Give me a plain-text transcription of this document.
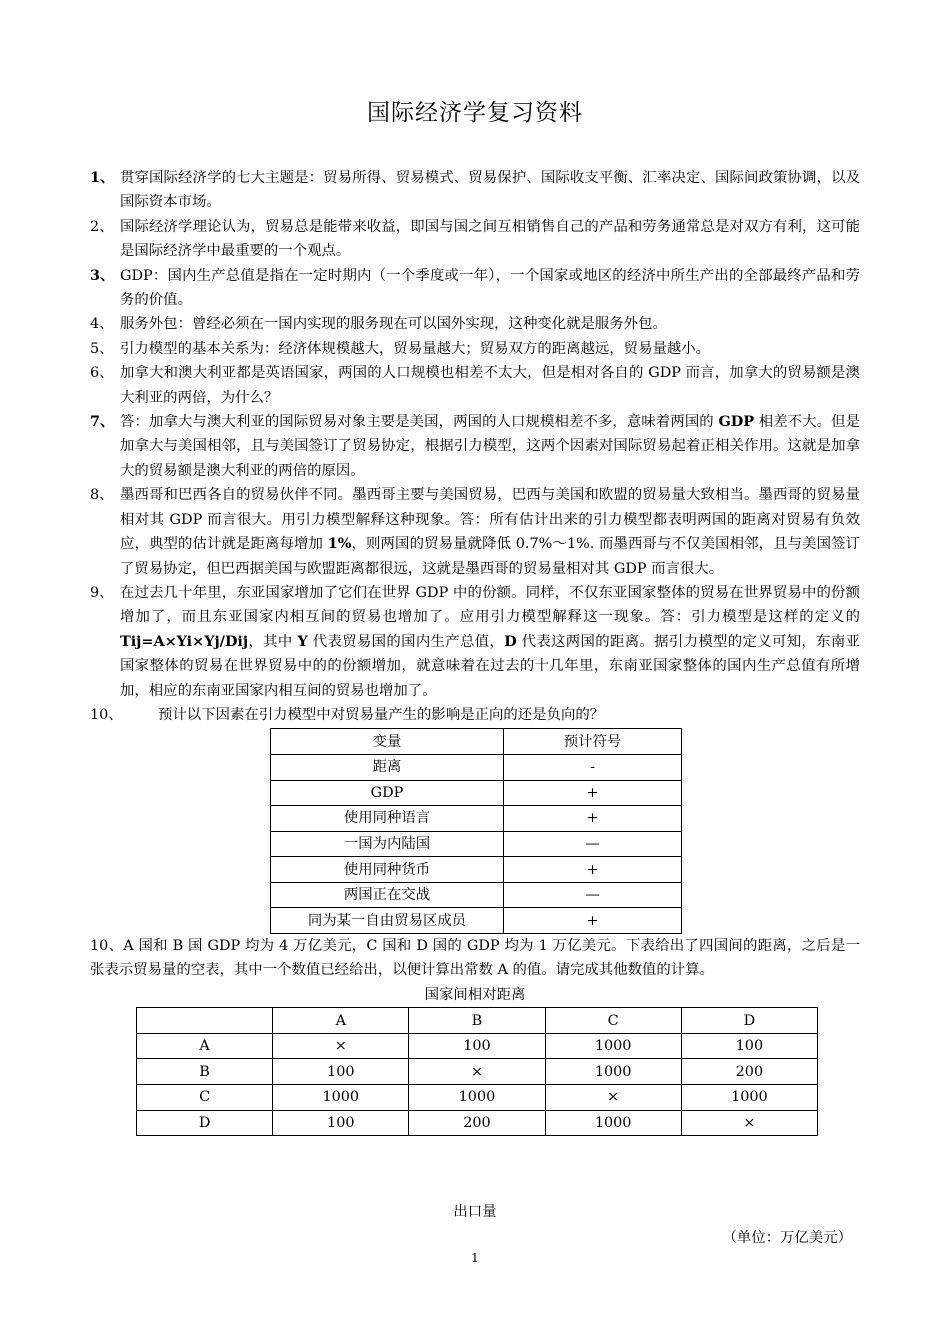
国际经济学复习资料
1、 贯穿国际经济学的七大主题是：贸易所得、贸易模式、贸易保护、国际收支平衡、汇率决定、国际间政策协调，以及国际资本市场。
2、 国际经济学理论认为，贸易总是能带来收益，即国与国之间互相销售自己的产品和劳务通常总是对双方有利，这可能是国际经济学中最重要的一个观点。
3、 GDP：国内生产总值是指在一定时期内（一个季度或一年），一个国家或地区的经济中所生产出的全部最终产品和劳务的价值。
4、 服务外包：曾经必须在一国内实现的服务现在可以国外实现，这种变化就是服务外包。
5、 引力模型的基本关系为：经济体规模越大，贸易量越大；贸易双方的距离越远，贸易量越小。
6、 加拿大和澳大利亚都是英语国家，两国的人口规模也相差不太大，但是相对各自的 GDP 而言，加拿大的贸易额是澳大利亚的两倍，为什么？
7、 答：加拿大与澳大利亚的国际贸易对象主要是美国，两国的人口规模相差不多，意味着两国的 GDP 相差不大。但是加拿大与美国相邻，且与美国签订了贸易协定，根据引力模型，这两个因素对国际贸易起着正相关作用。这就是加拿大的贸易额是澳大利亚的两倍的原因。
8、 墨西哥和巴西各自的贸易伙伴不同。墨西哥主要与美国贸易，巴西与美国和欧盟的贸易量大致相当。墨西哥的贸易量相对其 GDP 而言很大。用引力模型解释这种现象。答：所有估计出来的引力模型都表明两国的距离对贸易有负效应，典型的估计就是距离每增加 1%，则两国的贸易量就降低 0.7%～1%. 而墨西哥与不仅美国相邻，且与美国签订了贸易协定，但巴西据美国与欧盟距离都很远，这就是墨西哥的贸易量相对其 GDP 而言很大。
9、 在过去几十年里，东亚国家增加了它们在世界 GDP 中的份额。同样，不仅东亚国家整体的贸易在世界贸易中的份额增加了，而且东亚国家内相互间的贸易也增加了。应用引力模型解释这一现象。答：引力模型是这样的定义的 Tij=A×Yi×Yj/Dij，其中 Y 代表贸易国的国内生产总值，D 代表这两国的距离。据引力模型的定义可知，东南亚国家整体的贸易在世界贸易中的的份额增加，就意味着在过去的十几年里，东南亚国家整体的国内生产总值有所增加，相应的东南亚国家内相互间的贸易也增加了。
10、 预计以下因素在引力模型中对贸易量产生的影响是正向的还是负向的？
变量	预计符号
距离	-
GDP	+
使用同种语言	+
一国为内陆国	—
使用同种货币	+
两国正在交战	—
同为某一自由贸易区成员	+
10、A 国和 B 国 GDP 均为 4 万亿美元，C 国和 D 国的 GDP 均为 1 万亿美元。下表给出了四国间的距离，之后是一张表示贸易量的空表，其中一个数值已经给出，以便计算出常数 A 的值。请完成其他数值的计算。
国家间相对距离
	A	B	C	D
A	×	100	1000	100
B	100	×	1000	200
C	1000	1000	×	1000
D	100	200	1000	×
出口量
（单位：万亿美元）
1
